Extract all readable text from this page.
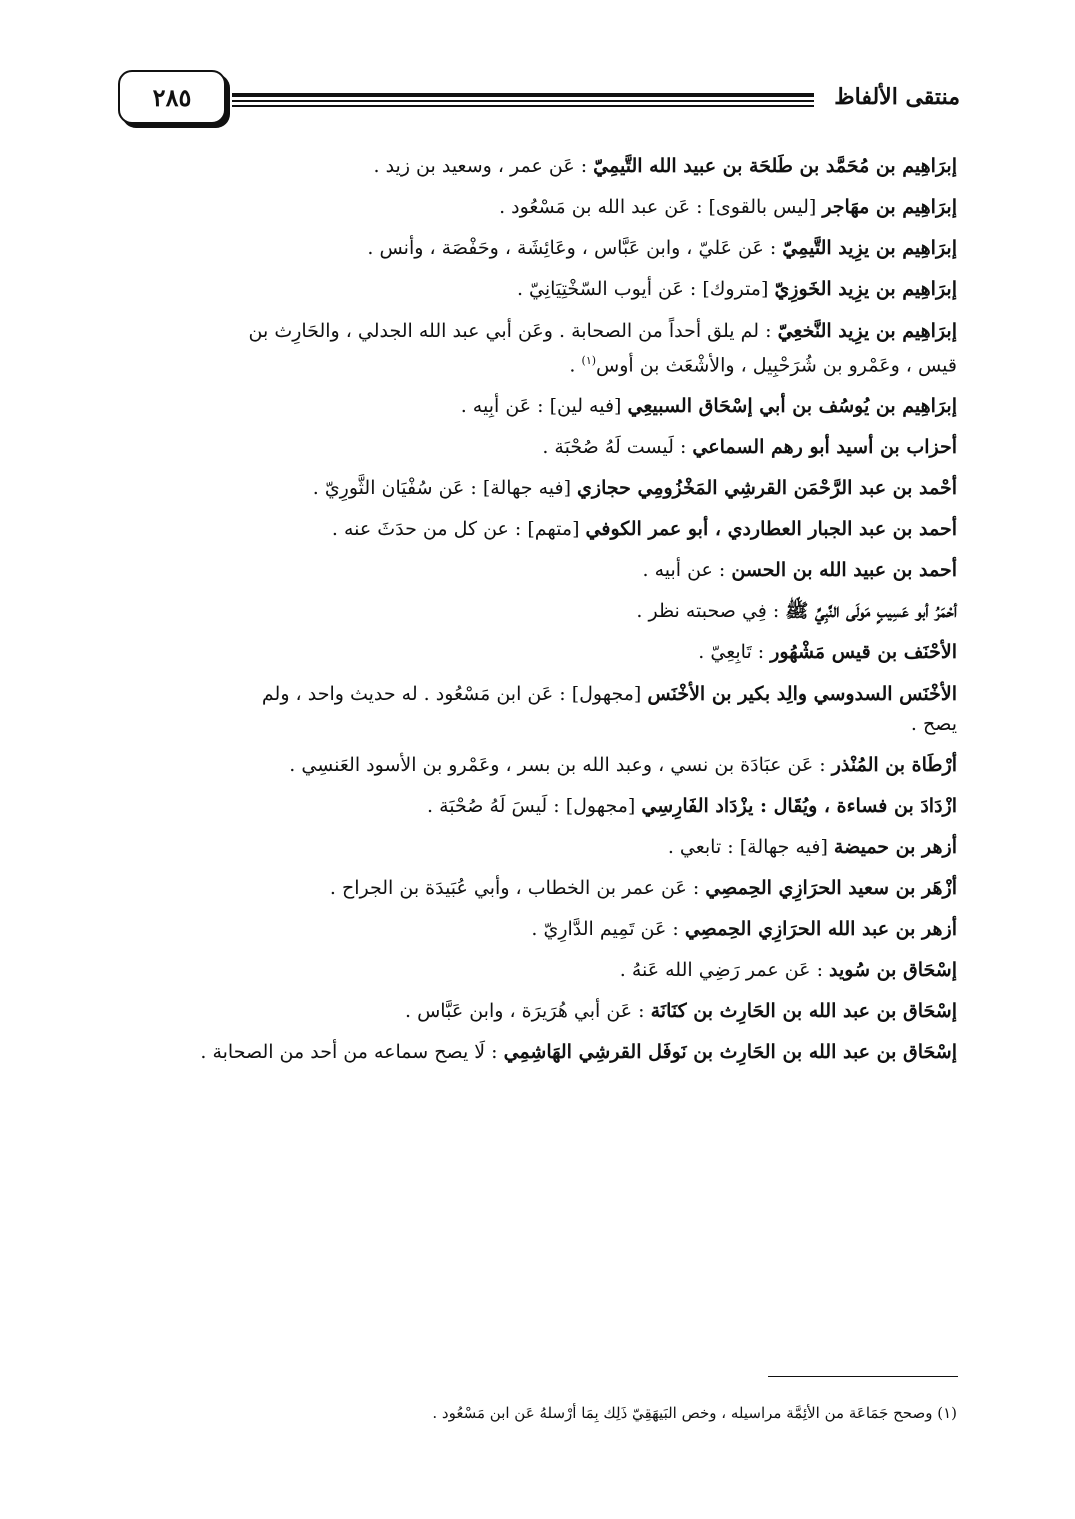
٢٨٥	منتقى الألفاظ
إبرَاهِيم بن مُحَمَّد بن طَلحَة بن عبيد الله التَّيمِيّ : عَن عمر ، وسعيد بن زيد .
إبرَاهِيم بن مهَاجر [ليس بالقوى] : عَن عبد الله بن مَسْعُود .
إبرَاهِيم بن يزِيد التَّيمِيّ : عَن عَليّ ، وابن عَبَّاس ، وعَائِشَة ، وحَفْصَة ، وأنس .
إبرَاهِيم بن يزِيد الخَوزِيّ [متروك] : عَن أيوب السّخْتِيَانِيّ .
إبرَاهِيم بن يزِيد النَّخعِيّ : لم يلق أحداً من الصحابة . وعَن أبي عبد الله الجدلي ، والحَارِث بن
قيس ، وعَمْرو بن شُرَحْبِيل ، والأشْعَث بن أوس$^{(١)}$ .
إبرَاهِيم بن يُوسُف بن أبي إسْحَاق السبيعِي [فيه لين] : عَن أبِيه .
أحزاب بن أسيد أبو رهم السماعي : لَيست لَهُ صُحْبَة .
أحْمد بن عبد الرَّحْمَن القرشِي المَخْزُومِي حجازي [فيه جهالة] : عَن سُفْيَان الثَّورِيّ .
أحمد بن عبد الجبار العطاردي ، أبو عمر الكوفي [متهم] : عن كل من حدَثَ عنه .
أحمد بن عبيد الله بن الحسن : عن أبيه .
أحْمَرُ أبو عَسِيبٍ مَولَى النَّبِيِّ ﷺ : فِي صحبته نظر .
الأحْنَف بن قيس مَشْهُور : تَابِعِيّ .
الأخْنَس السدوسي والِد بكير بن الأخْنَس [مجهول] : عَن ابن مَسْعُود . له حديث واحد ، ولم
يصح .
أرْطَاة بن المُنْذر : عَن عبَادَة بن نسي ، وعبد الله بن بسر ، وعَمْرو بن الأسود العَنسِي .
ازْدَادَ بن فساءة ، ويُقَال : يزْدَاد الفَارِسِي [مجهول] : لَيسَ لَهُ صُحْبَة .
أزهر بن حميضة [فيه جهالة] : تابعي .
أزْهَر بن سعيد الحرَازِي الحِمصِي : عَن عمر بن الخطاب ، وأبي عُبَيدَة بن الجراح .
أزهر بن عبد الله الحرَازِي الحِمصِي : عَن تَمِيم الدَّارِيّ .
إسْحَاق بن سُويد : عَن عمر رَضِي الله عَنهُ .
إسْحَاق بن عبد الله بن الحَارِث بن كنَانَة : عَن أبي هُرَيرَة ، وابن عَبَّاس .
إسْحَاق بن عبد الله بن الحَارِث بن نَوفَل القرشِي الهَاشِمِي : لَا يصح سماعه من أحد من الصحابة .
(١) وصحح جَمَاعَة من الأئِمَّة مراسيله ، وخص البَيهَقِيّ ذَلِك بِمَا أرْسلهُ عَن ابن مَسْعُود .
